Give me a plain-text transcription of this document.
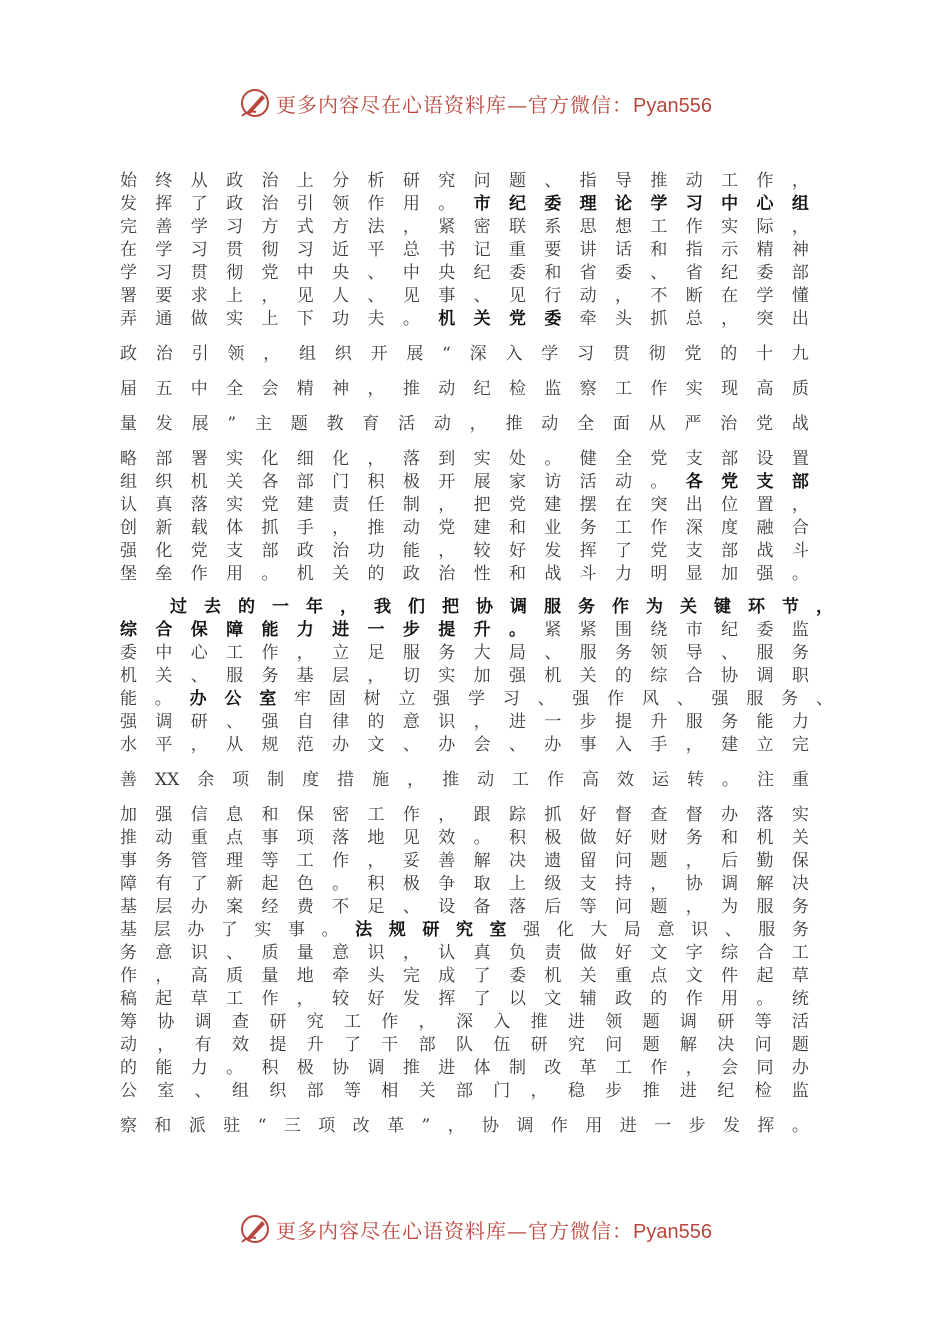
更多内容尽在心语资料库—官方微信：Pyan556
始 终 从 政 治 上 分 析 研 究 问 题 、 指 导 推 动 工 作 ，
发 挥 了 政 治 引 领 作 用 。 市 纪 委 理 论 学 习 中 心 组
完 善 学 习 方 式 方 法 ， 紧 密 联 系 思 想 工 作 实 际 ，
在 学 习 贯 彻 习 近 平 总 书 记 重 要 讲 话 和 指 示 精 神
学 习 贯 彻 党 中 央 、 中 央 纪 委 和 省 委 、 省 纪 委 部
署 要 求 上 ， 见 人 、 见 事 、 见 行 动 ， 不 断 在 学 懂
弄 通 做 实 上 下 功 夫 。 机 关 党 委 牵 头 抓 总 ， 突 出
政 治 引 领 ， 组 织 开 展 “ 深 入 学 习 贯 彻 党 的 十 九
届 五 中 全 会 精 神 ， 推 动 纪 检 监 察 工 作 实 现 高 质
量 发 展 ” 主 题 教 育 活 动 ， 推 动 全 面 从 严 治 党 战
略 部 署 实 化 细 化 ， 落 到 实 处 。 健 全 党 支 部 设 置
组 织 机 关 各 部 门 积 极 开 展 家 访 活 动 。 各 党 支 部
认 真 落 实 党 建 责 任 制 ， 把 党 建 摆 在 突 出 位 置 ，
创 新 载 体 抓 手 ， 推 动 党 建 和 业 务 工 作 深 度 融 合
强 化 党 支 部 政 治 功 能 ， 较 好 发 挥 了 党 支 部 战 斗
堡 垒 作 用 。 机 关 的 政 治 性 和 战 斗 力 明 显 加 强 。
过 去 的 一 年 ， 我 们 把 协 调 服 务 作 为 关 键 环 节 ，
综 合 保 障 能 力 进 一 步 提 升 。 紧 紧 围 绕 市 纪 委 监
委 中 心 工 作 ， 立 足 服 务 大 局 、 服 务 领 导 、 服 务
机 关 、 服 务 基 层 ， 切 实 加 强 机 关 的 综 合 协 调 职
能 。 办 公 室 牢 固 树 立 强 学 习 、 强 作 风 、 强 服 务 、
强 调 研 、 强 自 律 的 意 识 ， 进 一 步 提 升 服 务 能 力
水 平 ， 从 规 范 办 文 、 办 会 、 办 事 入 手 ， 建 立 完
善 XX 余 项 制 度 措 施 ， 推 动 工 作 高 效 运 转 。 注 重
加 强 信 息 和 保 密 工 作 ， 跟 踪 抓 好 督 查 督 办 落 实
推 动 重 点 事 项 落 地 见 效 。 积 极 做 好 财 务 和 机 关
事 务 管 理 等 工 作 ， 妥 善 解 决 遗 留 问 题 ， 后 勤 保
障 有 了 新 起 色 。 积 极 争 取 上 级 支 持 ， 协 调 解 决
基 层 办 案 经 费 不 足 、 设 备 落 后 等 问 题 ， 为 服 务
基 层 办 了 实 事 。 法 规 研 究 室 强 化 大 局 意 识 、 服 务
务 意 识 、 质 量 意 识 ， 认 真 负 责 做 好 文 字 综 合 工
作 ， 高 质 量 地 牵 头 完 成 了 委 机 关 重 点 文 件 起 草
稿 起 草 工 作 ， 较 好 发 挥 了 以 文 辅 政 的 作 用 。 统
筹 协 调 查 研 究 工 作 ， 深 入 推 进 领 题 调 研 等 活
动 ， 有 效 提 升 了 干 部 队 伍 研 究 问 题 解 决 问 题
的 能 力 。 积 极 协 调 推 进 体 制 改 革 工 作 ， 会 同 办
公 室 、 组 织 部 等 相 关 部 门 ， 稳 步 推 进 纪 检 监
察 和 派 驻 “ 三 项 改 革 ” ， 协 调 作 用 进 一 步 发 挥 。
更多内容尽在心语资料库—官方微信：Pyan556
